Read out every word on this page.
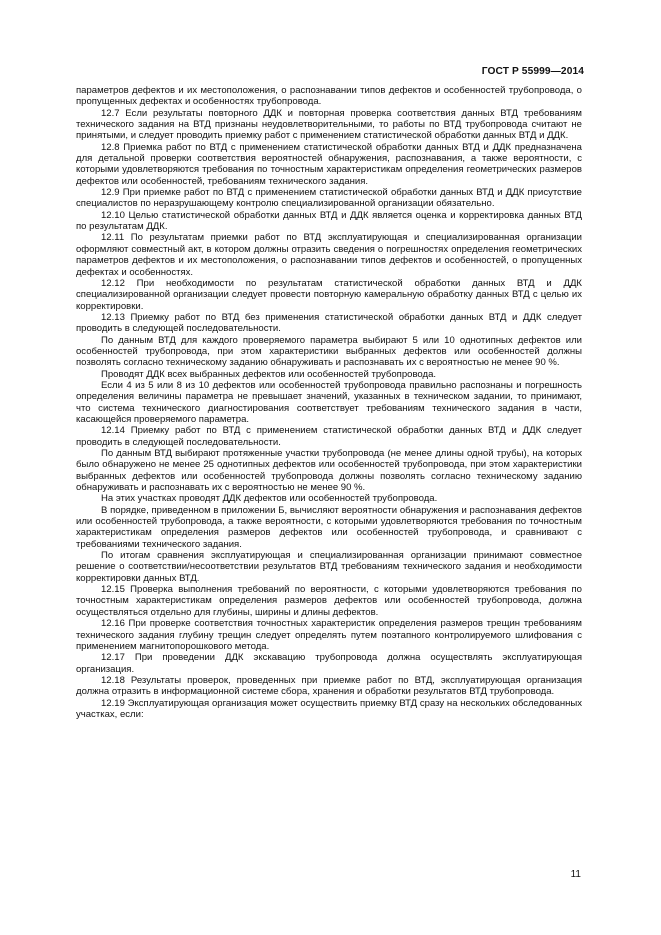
ГОСТ Р 55999—2014

параметров дефектов и их местоположения, о распознавании типов дефектов и особенностей трубопровода, о пропущенных дефектах и особенностях трубопровода.

12.7 Если результаты повторного ДДК и повторная проверка соответствия данных ВТД требованиям технического задания на ВТД признаны неудовлетворительными, то работы по ВТД трубопровода считают не принятыми, и следует проводить приемку работ с применением статистической обработки данных ВТД и ДДК.

12.8 Приемка работ по ВТД с применением статистической обработки данных ВТД и ДДК предназначена для детальной проверки соответствия вероятностей обнаружения, распознавания, а также вероятности, с которыми удовлетворяются требования по точностным характеристикам определения геометрических размеров дефектов или особенностей, требованиям технического задания.

12.9 При приемке работ по ВТД с применением статистической обработки данных ВТД и ДДК присутствие специалистов по неразрушающему контролю специализированной организации обязательно.

12.10 Целью статистической обработки данных ВТД и ДДК является оценка и корректировка данных ВТД по результатам ДДК.

12.11 По результатам приемки работ по ВТД эксплуатирующая и специализированная организации оформляют совместный акт, в котором должны отразить сведения о погрешностях определения геометрических параметров дефектов и их местоположения, о распознавании типов дефектов и особенностей, о пропущенных дефектах и особенностях.

12.12 При необходимости по результатам статистической обработки данных ВТД и ДДК специализированной организации следует провести повторную камеральную обработку данных ВТД с целью их корректировки.

12.13 Приемку работ по ВТД без применения статистической обработки данных ВТД и ДДК следует проводить в следующей последовательности.

По данным ВТД для каждого проверяемого параметра выбирают 5 или 10 однотипных дефектов или особенностей трубопровода, при этом характеристики выбранных дефектов или особенностей должны позволять согласно техническому заданию обнаруживать и распознавать их с вероятностью не менее 90 %.

Проводят ДДК всех выбранных дефектов или особенностей трубопровода.

Если 4 из 5 или 8 из 10 дефектов или особенностей трубопровода правильно распознаны и погрешность определения величины параметра не превышает значений, указанных в техническом задании, то принимают, что система технического диагностирования соответствует требованиям технического задания в части, касающейся проверяемого параметра.

12.14 Приемку работ по ВТД с применением статистической обработки данных ВТД и ДДК следует проводить в следующей последовательности.

По данным ВТД выбирают протяженные участки трубопровода (не менее длины одной трубы), на которых было обнаружено не менее 25 однотипных дефектов или особенностей трубопровода, при этом характеристики выбранных дефектов или особенностей трубопровода должны позволять согласно техническому заданию обнаруживать и распознавать их с вероятностью не менее 90 %.

На этих участках проводят ДДК дефектов или особенностей трубопровода.

В порядке, приведенном в приложении Б, вычисляют вероятности обнаружения и распознавания дефектов или особенностей трубопровода, а также вероятности, с которыми удовлетворяются требования по точностным характеристикам определения размеров дефектов или особенностей трубопровода, и сравнивают с требованиями технического задания.

По итогам сравнения эксплуатирующая и специализированная организации принимают совместное решение о соответствии/несоответствии результатов ВТД требованиям технического задания и необходимости корректировки данных ВТД.

12.15 Проверка выполнения требований по вероятности, с которыми удовлетворяются требования по точностным характеристикам определения размеров дефектов или особенностей трубопровода, должна осуществляться отдельно для глубины, ширины и длины дефектов.

12.16 При проверке соответствия точностных характеристик определения размеров трещин требованиям технического задания глубину трещин следует определять путем поэтапного контролируемого шлифования с применением магнитопорошкового метода.

12.17 При проведении ДДК экскавацию трубопровода должна осуществлять эксплуатирующая организация.

12.18 Результаты проверок, проведенных при приемке работ по ВТД, эксплуатирующая организация должна отразить в информационной системе сбора, хранения и обработки результатов ВТД трубопровода.

12.19 Эксплуатирующая организация может осуществить приемку ВТД сразу на нескольких обследованных участках, если:

11
